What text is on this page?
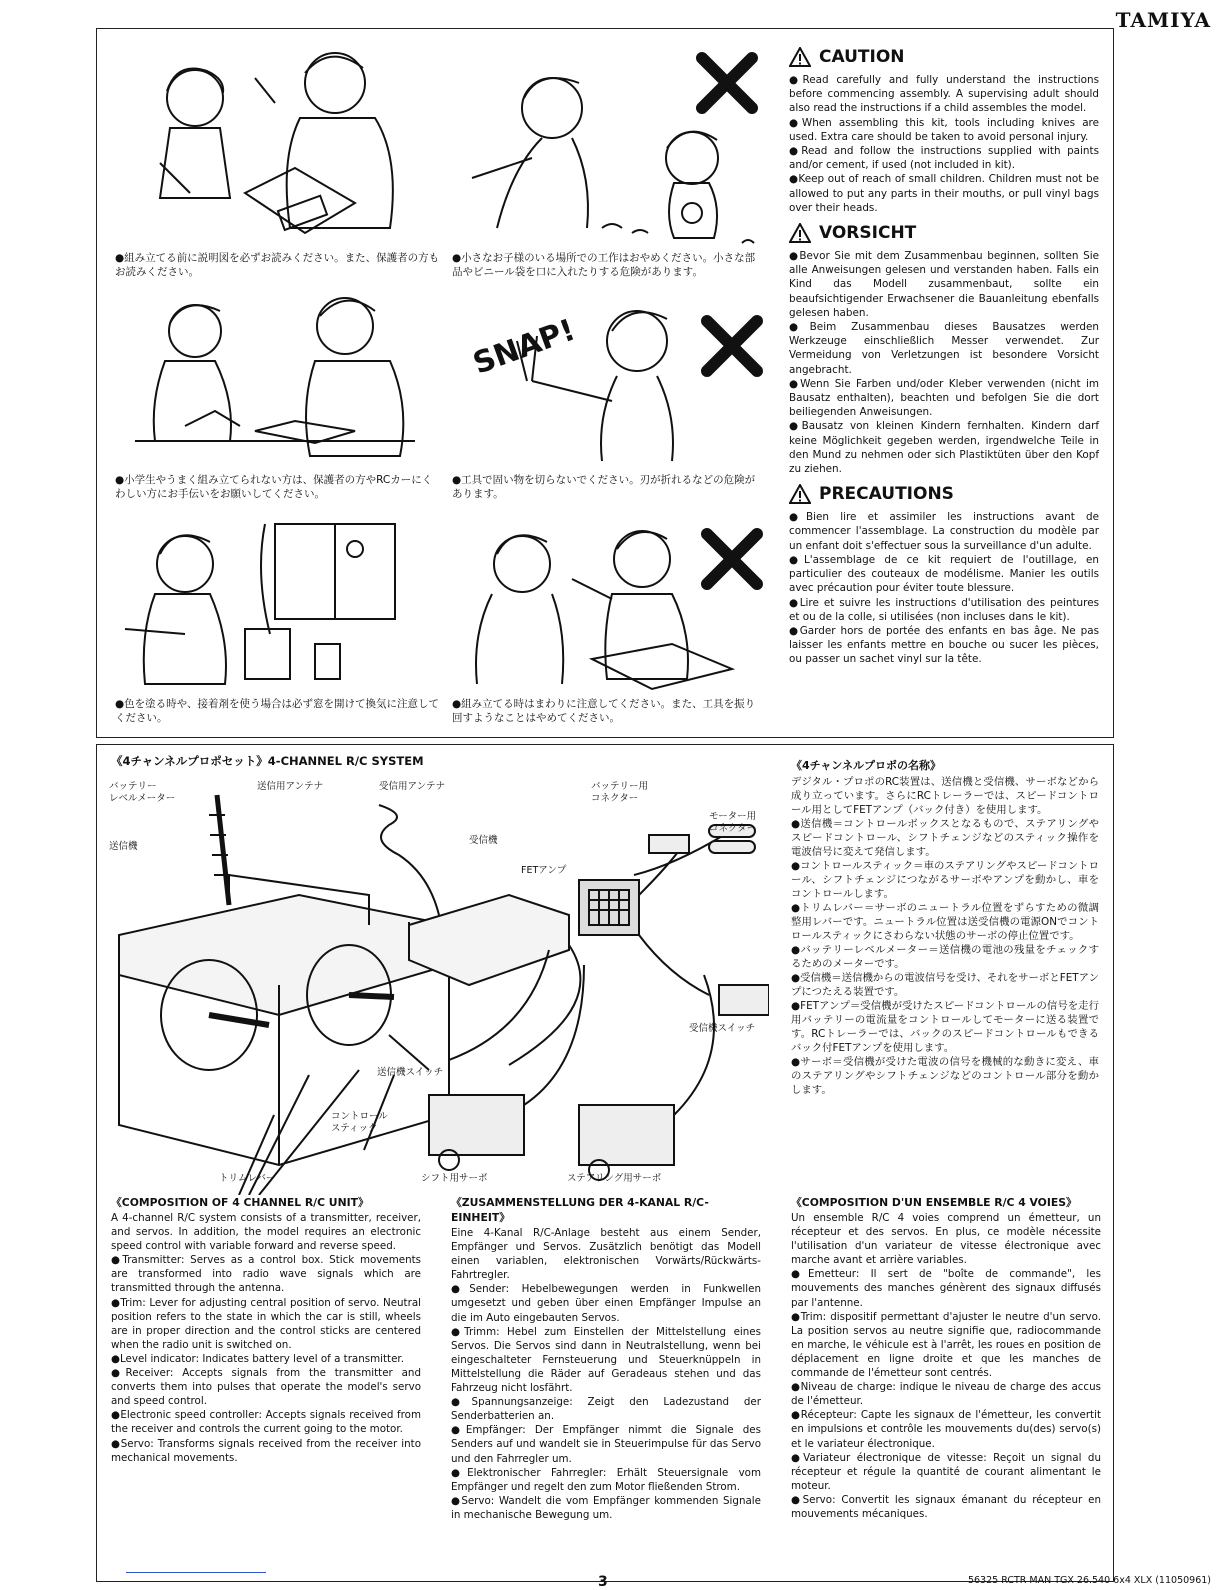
TAMIYA
●組み立てる前に説明図を必ずお読みください。また、保護者の方もお読みください。
●小さなお子様のいる場所での工作はおやめください。小さな部品やビニール袋を口に入れたりする危険があります。
●小学生やうまく組み立てられない方は、保護者の方やRCカーにくわしい方にお手伝いをお願いしてください。
SNAP!
●工具で固い物を切らないでください。刃が折れるなどの危険があります。
●色を塗る時や、接着剤を使う場合は必ず窓を開けて換気に注意してください。
●組み立てる時はまわりに注意してください。また、工具を振り回すようなことはやめてください。
CAUTION

●Read carefully and fully understand the instructions before commencing assembly. A supervising adult should also read the instructions if a child assembles the model.

●When assembling this kit, tools including knives are used. Extra care should be taken to avoid personal injury.

●Read and follow the instructions supplied with paints and/or cement, if used (not included in kit).

●Keep out of reach of small children. Children must not be allowed to put any parts in their mouths, or pull vinyl bags over their heads.

VORSICHT

●Bevor Sie mit dem Zusammenbau beginnen, sollten Sie alle Anweisungen gelesen und verstanden haben. Falls ein Kind das Modell zusammenbaut, sollte ein beaufsichtigender Erwachsener die Bauanleitung ebenfalls gelesen haben.

●Beim Zusammenbau dieses Bausatzes werden Werkzeuge einschließlich Messer verwendet. Zur Vermeidung von Verletzungen ist besondere Vorsicht angebracht.

●Wenn Sie Farben und/oder Kleber verwenden (nicht im Bausatz enthalten), beachten und befolgen Sie die dort beiliegenden Anweisungen.

●Bausatz von kleinen Kindern fernhalten. Kindern darf keine Möglichkeit gegeben werden, irgendwelche Teile in den Mund zu nehmen oder sich Plastiktüten über den Kopf zu ziehen.

PRECAUTIONS

●Bien lire et assimiler les instructions avant de commencer l'assemblage. La construction du modèle par un enfant doit s'effectuer sous la surveillance d'un adulte.

●L'assemblage de ce kit requiert de l'outillage, en particulier des couteaux de modélisme. Manier les outils avec précaution pour éviter toute blessure.

●Lire et suivre les instructions d'utilisation des peintures et ou de la colle, si utilisées (non incluses dans le kit).

●Garder hors de portée des enfants en bas âge. Ne pas laisser les enfants mettre en bouche ou sucer les pièces, ou passer un sachet vinyl sur la tête.

《4チャンネルプロポセット》4-CHANNEL R/C SYSTEM
バッテリー
レベルメーター
送信用アンテナ	受信用アンテナ	バッテリー用
コネクター
モーター用
コネクター
送信機
受信機
FETアンプ
送信機スイッチ
受信機スイッチ
コントロール
スティック
トリムレバー	シフト用サーボ	ステアリング用サーボ
《4チャンネルプロポの名称》

デジタル・プロポのRC装置は、送信機と受信機、サーボなどから成り立っています。さらにRCトレーラーでは、スピードコントロール用としてFETアンプ（バック付き）を使用します。

●送信機＝コントロールボックスとなるもので、ステアリングやスピードコントロール、シフトチェンジなどのスティック操作を電波信号に変えて発信します。

●コントロールスティック＝車のステアリングやスピードコントロール、シフトチェンジにつながるサーボやアンプを動かし、車をコントロールします。

●トリムレバー＝サーボのニュートラル位置をずらすための微調整用レバーです。ニュートラル位置は送受信機の電源ONでコントロールスティックにさわらない状態のサーボの停止位置です。

●バッテリーレベルメーター＝送信機の電池の残量をチェックするためのメーターです。

●受信機＝送信機からの電波信号を受け、それをサーボとFETアンプにつたえる装置です。

●FETアンプ＝受信機が受けたスピードコントロールの信号を走行用バッテリーの電流量をコントロールしてモーターに送る装置です。RCトレーラーでは、バックのスピードコントロールもできるバック付FETアンプを使用します。

●サーボ＝受信機が受けた電波の信号を機械的な動きに変え、車のステアリングやシフトチェンジなどのコントロール部分を動かします。

《COMPOSITION OF 4 CHANNEL R/C UNIT》

A 4-channel R/C system consists of a transmitter, receiver, and servos. In addition, the model requires an electronic speed control with variable forward and reverse speed.

●Transmitter: Serves as a control box. Stick movements are transformed into radio wave signals which are transmitted through the antenna.

●Trim: Lever for adjusting central position of servo. Neutral position refers to the state in which the car is still, wheels are in proper direction and the control sticks are centered when the radio unit is switched on.

●Level indicator: Indicates battery level of a transmitter.

●Receiver: Accepts signals from the transmitter and converts them into pulses that operate the model's servo and speed control.

●Electronic speed controller: Accepts signals received from the receiver and controls the current going to the motor.

●Servo: Transforms signals received from the receiver into mechanical movements.

《ZUSAMMENSTELLUNG DER 4-KANAL R/C-EINHEIT》

Eine 4-Kanal R/C-Anlage besteht aus einem Sender, Empfänger und Servos. Zusätzlich benötigt das Modell einen variablen, elektronischen Vorwärts/Rückwärts-Fahrtregler.

●Sender: Hebelbewegungen werden in Funkwellen umgesetzt und geben über einen Empfänger Impulse an die im Auto eingebauten Servos.

●Trimm: Hebel zum Einstellen der Mittelstellung eines Servos. Die Servos sind dann in Neutralstellung, wenn bei eingeschalteter Fernsteuerung und Steuerknüppeln in Mittelstellung die Räder auf Geradeaus stehen und das Fahrzeug nicht losfährt.

●Spannungsanzeige: Zeigt den Ladezustand der Senderbatterien an.

●Empfänger: Der Empfänger nimmt die Signale des Senders auf und wandelt sie in Steuerimpulse für das Servo und den Fahrregler um.

●Elektronischer Fahrregler: Erhält Steuersignale vom Empfänger und regelt den zum Motor fließenden Strom.

●Servo: Wandelt die vom Empfänger kommenden Signale in mechanische Bewegung um.

《COMPOSITION D'UN ENSEMBLE R/C 4 VOIES》

Un ensemble R/C 4 voies comprend un émetteur, un récepteur et des servos. En plus, ce modèle nécessite l'utilisation d'un variateur de vitesse électronique avec marche avant et arrière variables.

●Emetteur: Il sert de "boîte de commande", les mouvements des manches génèrent des signaux diffusés par l'antenne.

●Trim: dispositif permettant d'ajuster le neutre d'un servo. La position servos au neutre signifie que, radiocommande en marche, le véhicule est à l'arrêt, les roues en position de déplacement en ligne droite et que les manches de commande de l'émetteur sont centrés.

●Niveau de charge: indique le niveau de charge des accus de l'émetteur.

●Récepteur: Capte les signaux de l'émetteur, les convertit en impulsions et contrôle les mouvements du(des) servo(s) et le variateur électronique.

●Variateur électronique de vitesse: Reçoit un signal du récepteur et régule la quantité de courant alimentant le moteur.

●Servo: Convertit les signaux émanant du récepteur en mouvements mécaniques.

3	56325 RCTR MAN TGX 26.540 6x4 XLX (11050961)
